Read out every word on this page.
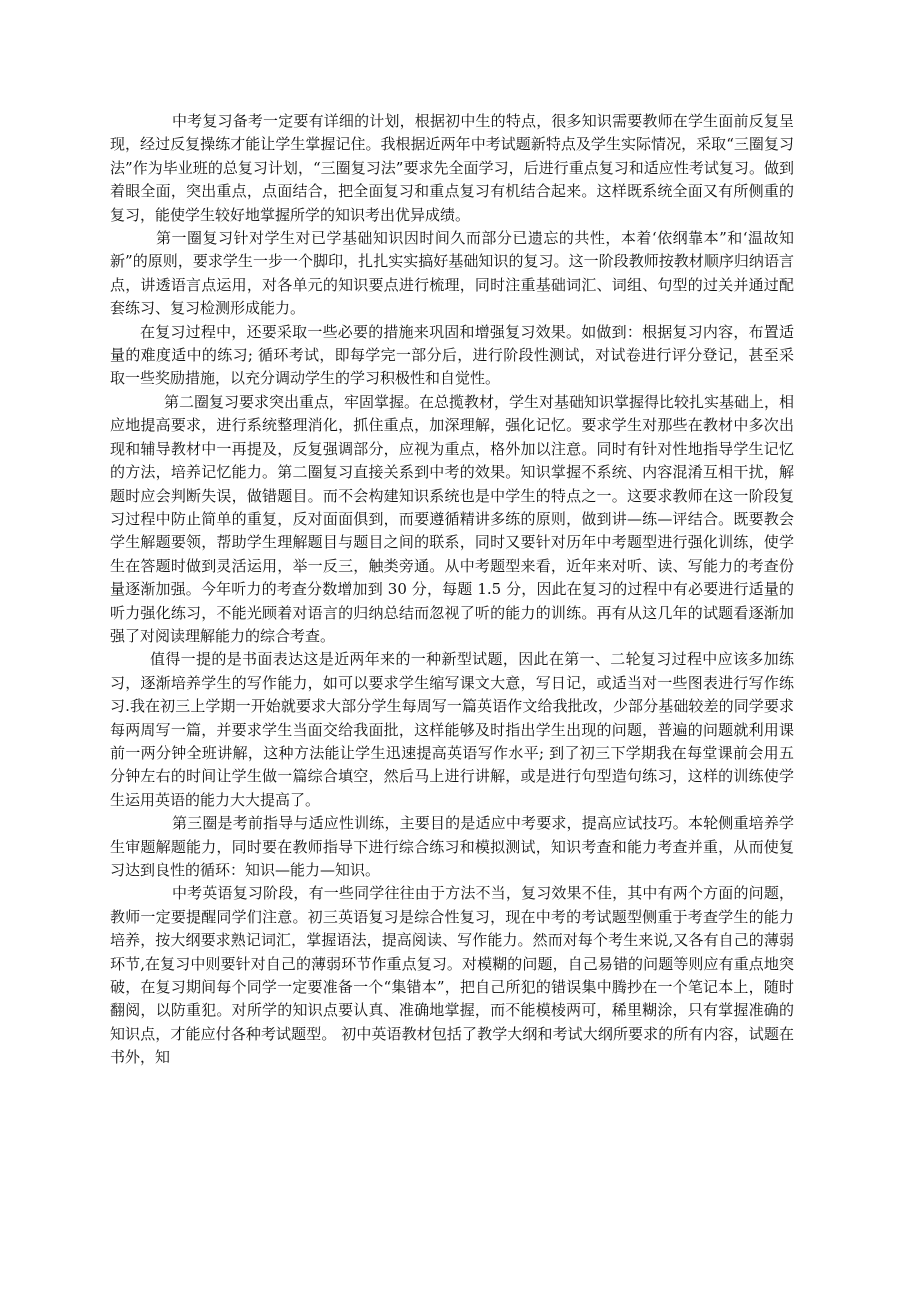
中考复习备考一定要有详细的计划，根据初中生的特点，很多知识需要教师在学生面前反复呈现，经过反复操练才能让学生掌握记住。我根据近两年中考试题新特点及学生实际情况，采取“三圈复习法”作为毕业班的总复习计划，“三圈复习法”要求先全面学习，后进行重点复习和适应性考试复习。做到着眼全面，突出重点，点面结合，把全面复习和重点复习有机结合起来。这样既系统全面又有所侧重的复习，能使学生较好地掌握所学的知识考出优异成绩。

第一圈复习针对学生对已学基础知识因时间久而部分已遗忘的共性，本着‘依纲靠本”和‘温故知新”的原则，要求学生一步一个脚印，扎扎实实搞好基础知识的复习。这一阶段教师按教材顺序归纳语言点，讲透语言点运用，对各单元的知识要点进行梳理，同时注重基础词汇、词组、句型的过关并通过配套练习、复习检测形成能力。

在复习过程中，还要采取一些必要的措施来巩固和增强复习效果。如做到：根据复习内容，布置适量的难度适中的练习; 循环考试，即每学完一部分后，进行阶段性测试，对试卷进行评分登记，甚至采取一些奖励措施，以充分调动学生的学习积极性和自觉性。

第二圈复习要求突出重点，牢固掌握。在总揽教材，学生对基础知识掌握得比较扎实基础上，相应地提高要求，进行系统整理消化，抓住重点，加深理解，强化记忆。要求学生对那些在教材中多次出现和辅导教材中一再提及，反复强调部分，应视为重点，格外加以注意。同时有针对性地指导学生记忆的方法，培养记忆能力。第二圈复习直接关系到中考的效果。知识掌握不系统、内容混淆互相干扰，解题时应会判断失误，做错题目。而不会构建知识系统也是中学生的特点之一。这要求教师在这一阶段复习过程中防止简单的重复，反对面面俱到，而要遵循精讲多练的原则，做到讲—练—评结合。既要教会学生解题要领，帮助学生理解题目与题目之间的联系，同时又要针对历年中考题型进行强化训练，使学生在答题时做到灵活运用，举一反三，触类旁通。从中考题型来看，近年来对听、读、写能力的考查份量逐渐加强。今年听力的考查分数增加到 30 分，每题 1.5 分，因此在复习的过程中有必要进行适量的听力强化练习，不能光顾着对语言的归纳总结而忽视了听的能力的训练。再有从这几年的试题看逐渐加强了对阅读理解能力的综合考查。

值得一提的是书面表达这是近两年来的一种新型试题，因此在第一、二轮复习过程中应该多加练习，逐渐培养学生的写作能力，如可以要求学生缩写课文大意，写日记，或适当对一些图表进行写作练习.我在初三上学期一开始就要求大部分学生每周写一篇英语作文给我批改，少部分基础较差的同学要求每两周写一篇，并要求学生当面交给我面批，这样能够及时指出学生出现的问题，普遍的问题就利用课前一两分钟全班讲解，这种方法能让学生迅速提高英语写作水平; 到了初三下学期我在每堂课前会用五分钟左右的时间让学生做一篇综合填空，然后马上进行讲解，或是进行句型造句练习，这样的训练使学生运用英语的能力大大提高了。

第三圈是考前指导与适应性训练，主要目的是适应中考要求，提高应试技巧。本轮侧重培养学生审题解题能力，同时要在教师指导下进行综合练习和模拟测试，知识考查和能力考查并重，从而使复习达到良性的循环：知识—能力—知识。

中考英语复习阶段，有一些同学往往由于方法不当，复习效果不佳，其中有两个方面的问题，教师一定要提醒同学们注意。初三英语复习是综合性复习，现在中考的考试题型侧重于考查学生的能力培养，按大纲要求熟记词汇，掌握语法，提高阅读、写作能力。然而对每个考生来说,又各有自己的薄弱环节,在复习中则要针对自己的薄弱环节作重点复习。对模糊的问题，自己易错的问题等则应有重点地突破，在复习期间每个同学一定要准备一个“集错本”，把自己所犯的错误集中腾抄在一个笔记本上，随时翻阅，以防重犯。对所学的知识点要认真、准确地掌握，而不能模棱两可，稀里糊涂，只有掌握准确的知识点，才能应付各种考试题型。 初中英语教材包括了教学大纲和考试大纲所要求的所有内容，试题在书外，知
